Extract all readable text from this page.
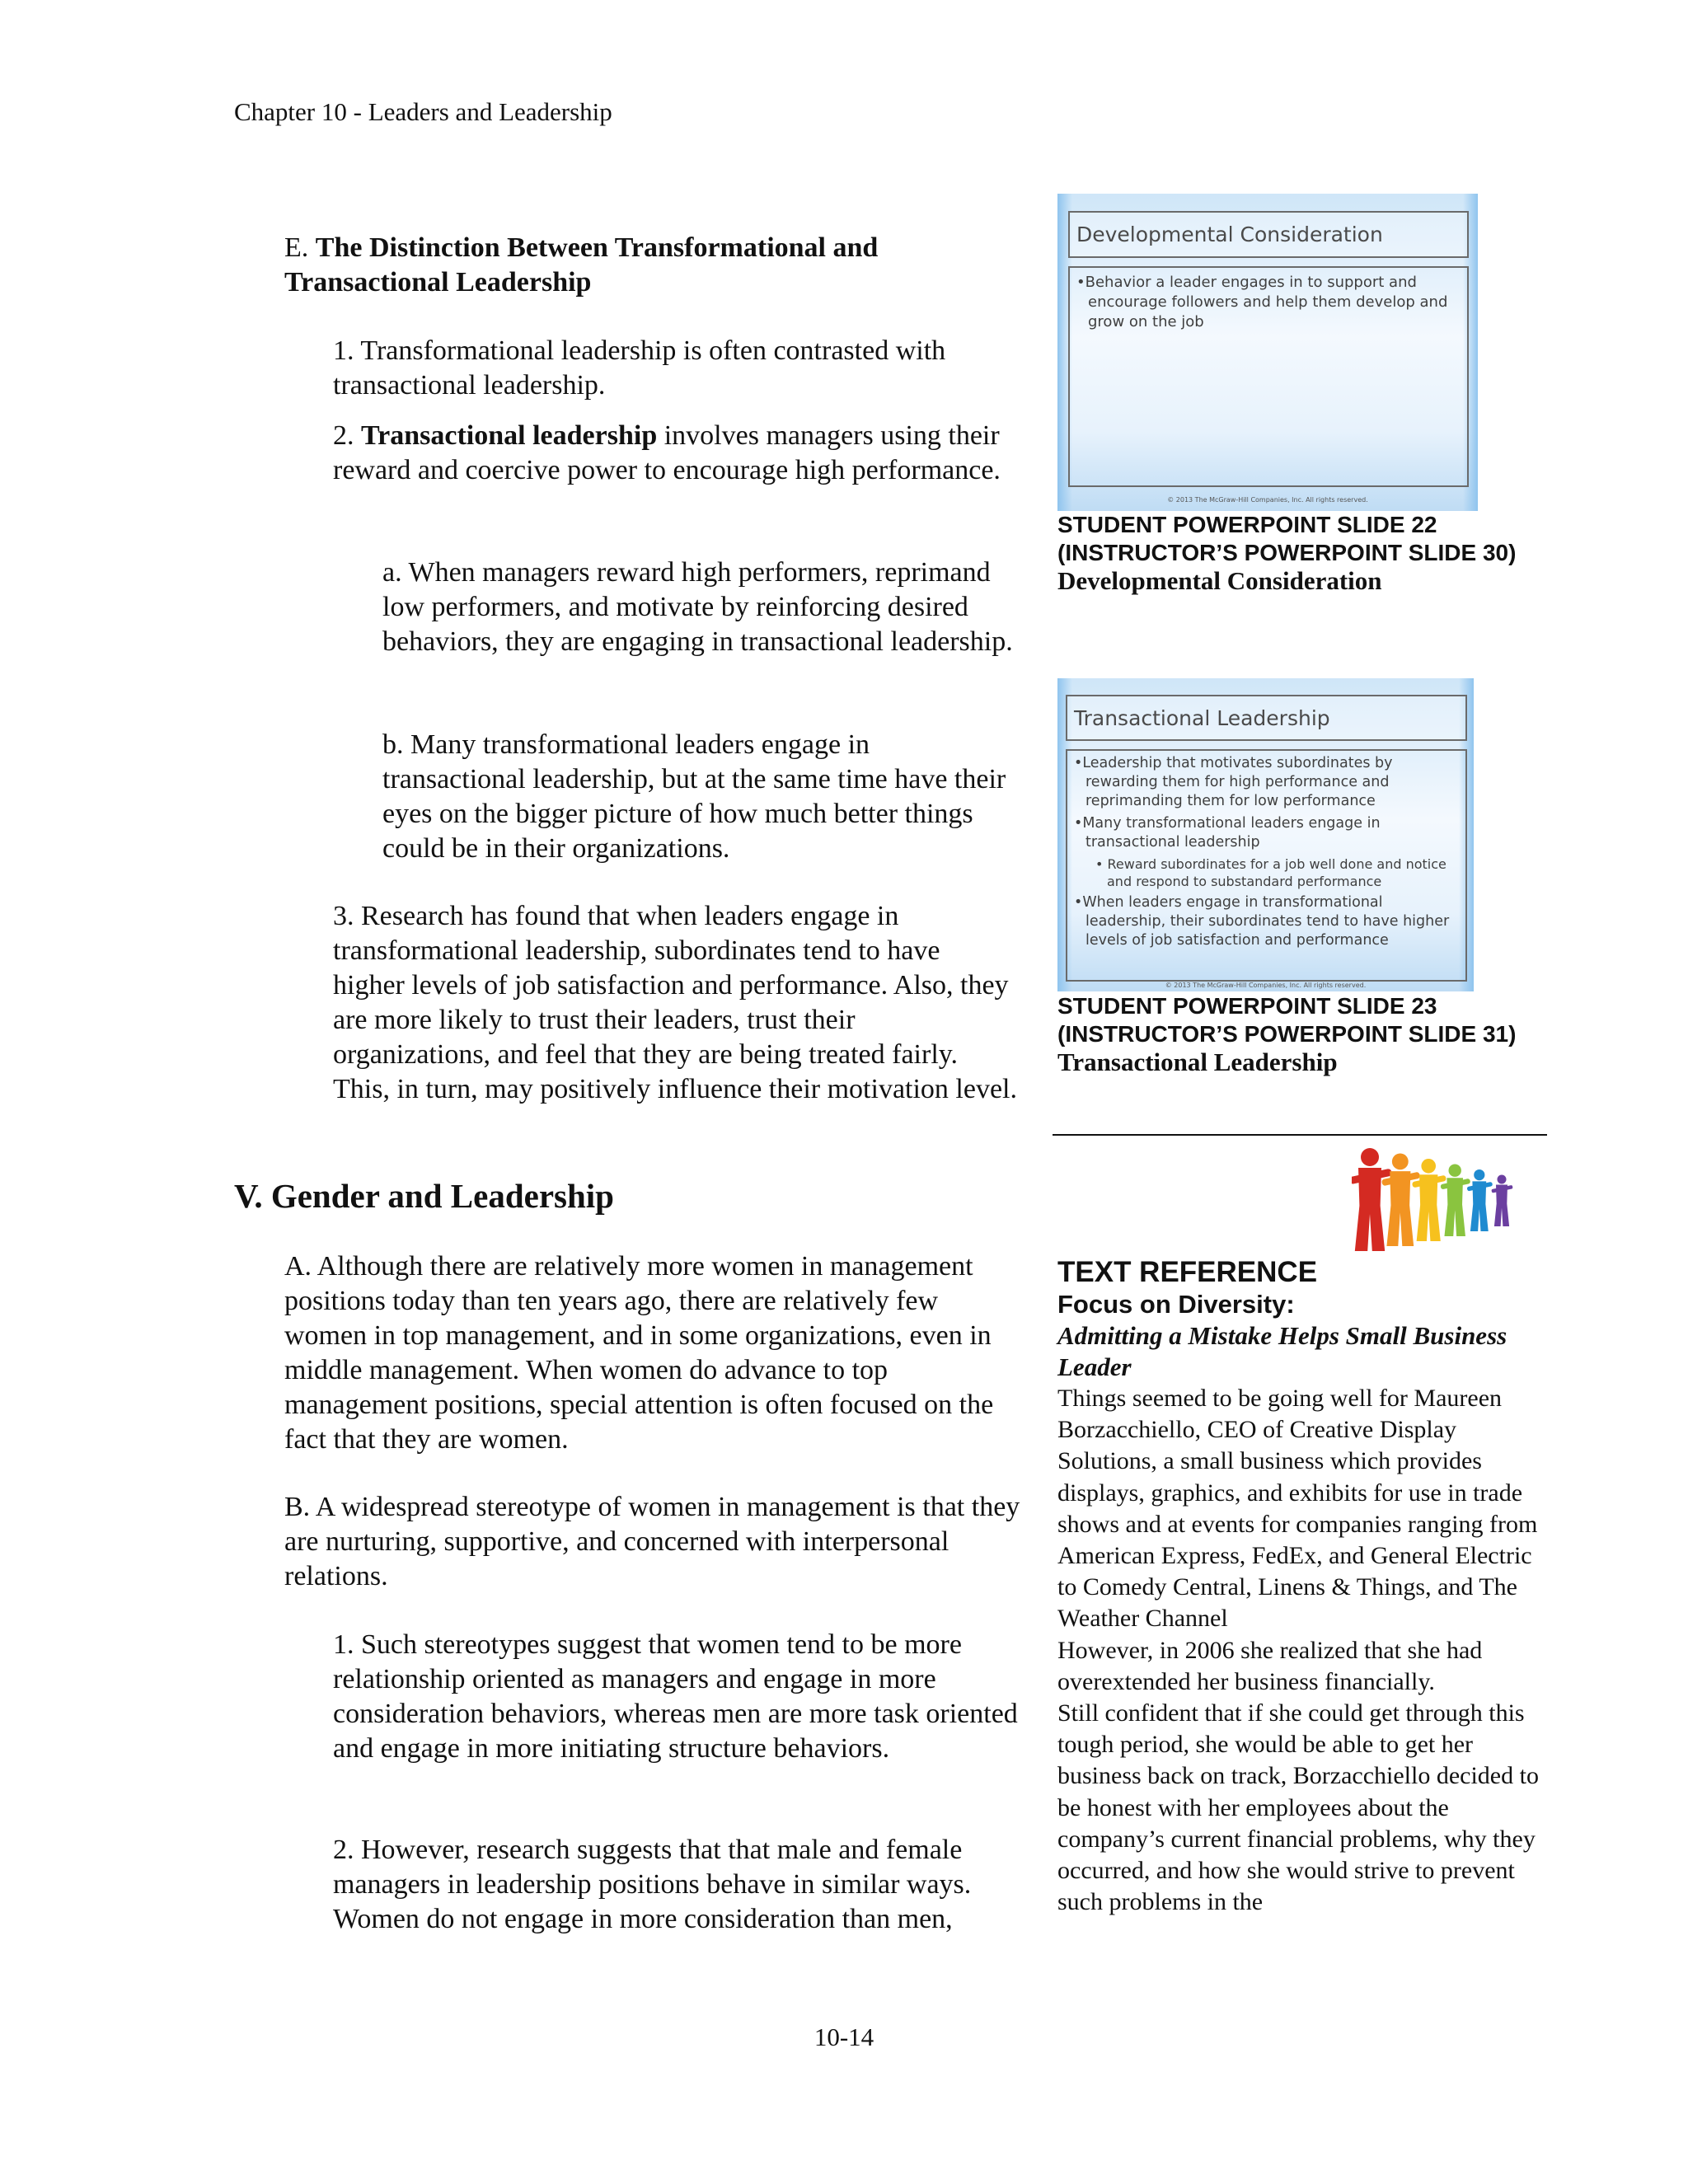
Chapter 10 - Leaders and Leadership
E. The Distinction Between Transformational and Transactional Leadership
1. Transformational leadership is often contrasted with transactional leadership.
2. Transactional leadership involves managers using their reward and coercive power to encourage high performance.
a. When managers reward high performers, reprimand low performers, and motivate by reinforcing desired behaviors, they are engaging in transactional leadership.
b. Many transformational leaders engage in transactional leadership, but at the same time have their eyes on the bigger picture of how much better things could be in their organizations.
3. Research has found that when leaders engage in transformational leadership, subordinates tend to have higher levels of job satisfaction and performance. Also, they are more likely to trust their leaders, trust their organizations, and feel that they are being treated fairly. This, in turn, may positively influence their motivation level.
V. Gender and Leadership
A. Although there are relatively more women in management positions today than ten years ago, there are relatively few women in top management, and in some organizations, even in middle management. When women do advance to top management positions, special attention is often focused on the fact that they are women.
B. A widespread stereotype of women in management is that they are nurturing, supportive, and concerned with interpersonal relations.
1. Such stereotypes suggest that women tend to be more relationship oriented as managers and engage in more consideration behaviors, whereas men are more task oriented and engage in more initiating structure behaviors.
2. However, research suggests that that male and female managers in leadership positions behave in similar ways. Women do not engage in more consideration than men,
Developmental Consideration

•Behavior a leader engages in to support and encourage followers and help them develop and grow on the job

© 2013 The McGraw-Hill Companies, Inc. All rights reserved.
STUDENT POWERPOINT SLIDE 22
(INSTRUCTOR’S POWERPOINT SLIDE 30)
Developmental Consideration
Transactional Leadership

•Leadership that motivates subordinates by rewarding them for high performance and reprimanding them for low performance

•Many transformational leaders engage in transactional leadership

• Reward subordinates for a job well done and notice and respond to substandard performance

•When leaders engage in transformational leadership, their subordinates tend to have higher levels of job satisfaction and performance

© 2013 The McGraw-Hill Companies, Inc. All rights reserved.
STUDENT POWERPOINT SLIDE 23
(INSTRUCTOR’S POWERPOINT SLIDE 31)
Transactional Leadership

TEXT REFERENCE

Focus on Diversity:

Admitting a Mistake Helps Small Business Leader

Things seemed to be going well for Maureen Borzacchiello, CEO of Creative Display Solutions, a small business which provides displays, graphics, and exhibits for use in trade shows and at events for companies ranging from American Express, FedEx, and General Electric to Comedy Central, Linens & Things, and The Weather Channel

However, in 2006 she realized that she had overextended her business financially.

Still confident that if she could get through this tough period, she would be able to get her business back on track, Borzacchiello decided to be honest with her employees about the company’s current financial problems, why they occurred, and how she would strive to prevent such problems in the

10-14
